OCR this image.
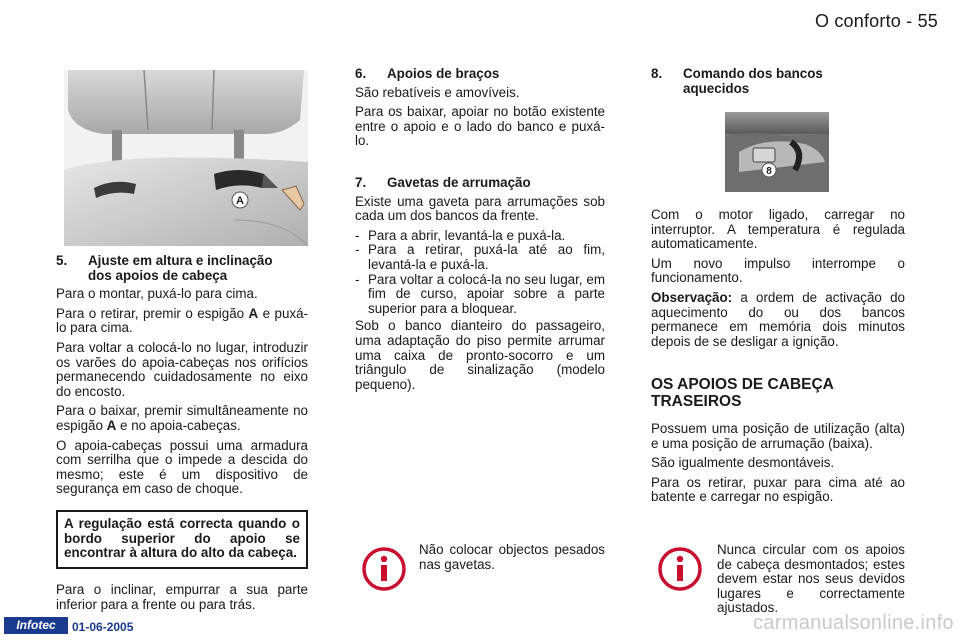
O conforto - 55
A
5. Ajuste em altura e inclinação
dos apoios de cabeça

Para o montar, puxá-lo para cima.

Para o retirar, premir o espigão A e puxá-lo para cima.

Para voltar a colocá-lo no lugar, introduzir os varões do apoia-cabeças nos orifícios permanecendo cuidadosamente no eixo do encosto.

Para o baixar, premir simultâneamente no espigão A e no apoia-cabeças.

O apoia-cabeças possui uma armadura com serrilha que o impede a descida do mesmo; este é um dispositivo de segurança em caso de choque.

A regulação está correcta quando o bordo superior do apoio se encontrar à altura do alto da cabeça.

Para o inclinar, empurrar a sua parte inferior para a frente ou para trás.

6. Apoios de braços

São rebatíveis e amovíveis.

Para os baixar, apoiar no botão existente entre o apoio e o lado do banco e puxá-lo.

7. Gavetas de arrumação

Existe uma gaveta para arrumações sob cada um dos bancos da frente.

- Para a abrir, levantá-la e puxá-la.
- Para a retirar, puxá-la até ao fim, levantá-la e puxá-la.
- Para voltar a colocá-la no seu lugar, em fim de curso, apoiar sobre a parte superior para a bloquear.

Sob o banco dianteiro do passageiro, uma adaptação do piso permite arrumar uma caixa de pronto-socorro e um triângulo de sinalização (modelo pequeno).

Não colocar objectos pesados nas gavetas.

8. Comando dos bancos
aquecidos
8

Com o motor ligado, carregar no interruptor. A temperatura é regulada automaticamente.

Um novo impulso interrompe o funcionamento.

Observação: a ordem de activação do aquecimento do ou dos bancos permanece em memória dois minutos depois de se desligar a ignição.

OS APOIOS DE CABEÇA TRASEIROS

Possuem uma posição de utilização (alta) e uma posição de arrumação (baixa).

São igualmente desmontáveis.

Para os retirar, puxar para cima até ao batente e carregar no espigão.

Nunca circular com os apoios de cabeça desmontados; estes devem estar nos seus devidos lugares e correctamente ajustados.

Infotec	01-06-2005	carmanualsonline.info
